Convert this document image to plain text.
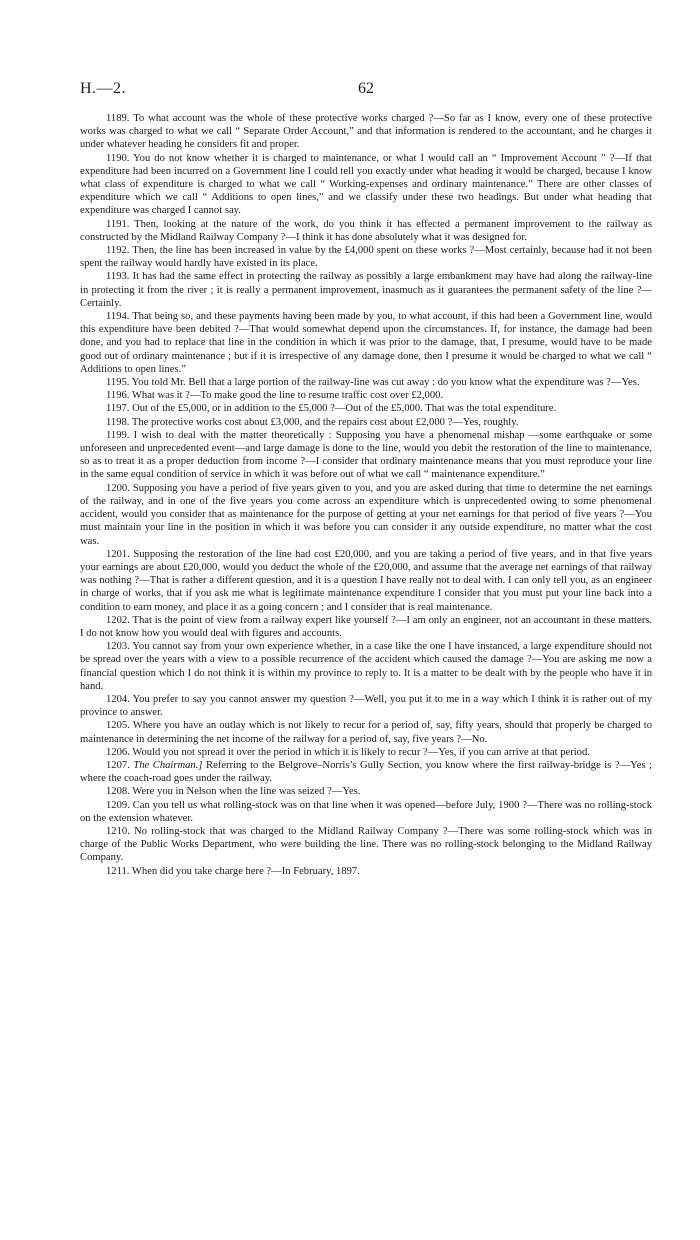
H.—2.	62

1189. To what account was the whole of these protective works charged ?—So far as I know, every one of these protective works was charged to what we call “ Separate Order Account,” and that information is rendered to the accountant, and he charges it under whatever heading he considers fit and proper.

1190. You do not know whether it is charged to maintenance, or what I would call an “ Improvement Account ” ?—If that expenditure had been incurred on a Government line I could tell you exactly under what heading it would be charged, because I know what class of expenditure is charged to what we call “ Working-expenses and ordinary maintenance.” There are other classes of expenditure which we call “ Additions to open lines,” and we classify under these two headings. But under what heading that expenditure was charged I cannot say.

1191. Then, looking at the nature of the work, do you think it has effected a permanent improvement to the railway as constructed by the Midland Railway Company ?—I think it has done absolutely what it was designed for.

1192. Then, the line has been increased in value by the £4,000 spent on these works ?—Most certainly, because had it not been spent the railway would hardly have existed in its place.

1193. It has had the same effect in protecting the railway as possibly a large embankment may have had along the railway-line in protecting it from the river ; it is really a permanent improvement, inasmuch as it guarantees the permanent safety of the line ?—Certainly.

1194. That being so, and these payments having been made by you, to what account, if this had been a Government line, would this expenditure have been debited ?—That would somewhat depend upon the circumstances. If, for instance, the damage had been done, and you had to replace that line in the condition in which it was prior to the damage, that, I presume, would have to be made good out of ordinary maintenance ; but if it is irrespective of any damage done, then I presume it would be charged to what we call “ Additions to open lines.”

1195. You told Mr. Bell that a large portion of the railway-line was cut away : do you know what the expenditure was ?—Yes.

1196. What was it ?—To make good the line to resume traffic cost over £2,000.

1197. Out of the £5,000, or in addition to the £5,000 ?—Out of the £5,000. That was the total expenditure.

1198. The protective works cost about £3,000, and the repairs cost about £2,000 ?—Yes, roughly.

1199. I wish to deal with the matter theoretically : Supposing you have a phenomenal mishap —some earthquake or some unforeseen and unprecedented event—and large damage is done to the line, would you debit the restoration of the line to maintenance, so as to treat it as a proper deduction from income ?—I consider that ordinary maintenance means that you must reproduce your line in the same equal condition of service in which it was before out of what we call “ maintenance expenditure.”

1200. Supposing you have a period of five years given to you, and you are asked during that time to determine the net earnings of the railway, and in one of the five years you come across an expenditure which is unprecedented owing to some phenomenal accident, would you consider that as maintenance for the purpose of getting at your net earnings for that period of five years ?—You must maintain your line in the position in which it was before you can consider it any outside expenditure, no matter what the cost was.

1201. Supposing the restoration of the line had cost £20,000, and you are taking a period of five years, and in that five years your earnings are about £20,000, would you deduct the whole of the £20,000, and assume that the average net earnings of that railway was nothing ?—That is rather a different question, and it is a question I have really not to deal with. I can only tell you, as an engineer in charge of works, that if you ask me what is legitimate maintenance expenditure I consider that you must put your line back into a condition to earn money, and place it as a going concern ; and I consider that is real maintenance.

1202. That is the point of view from a railway expert like yourself ?—I am only an engineer, not an accountant in these matters. I do not know how you would deal with figures and accounts.

1203. You cannot say from your own experience whether, in a case like the one I have instanced, a large expenditure should not be spread over the years with a view to a possible recurrence of the accident which caused the damage ?—You are asking me now a financial question which I do not think it is within my province to reply to. It is a matter to be dealt with by the people who have it in hand.

1204. You prefer to say you cannot answer my question ?—Well, you put it to me in a way which I think it is rather out of my province to answer.

1205. Where you have an outlay which is not likely to recur for a period of, say, fifty years, should that properly be charged to maintenance in determining the net income of the railway for a period of, say, five years ?—No.

1206. Would you not spread it over the period in which it is likely to recur ?—Yes, if you can arrive at that period.

1207. The Chairman.] Referring to the Belgrove–Norris’s Gully Section, you know where the first railway-bridge is ?—Yes ; where the coach-road goes under the railway.

1208. Were you in Nelson when the line was seized ?—Yes.

1209. Can you tell us what rolling-stock was on that line when it was opened—before July, 1900 ?—There was no rolling-stock on the extension whatever.

1210. No rolling-stock that was charged to the Midland Railway Company ?—There was some rolling-stock which was in charge of the Public Works Department, who were building the line. There was no rolling-stock belonging to the Midland Railway Company.

1211. When did you take charge here ?—In February, 1897.
